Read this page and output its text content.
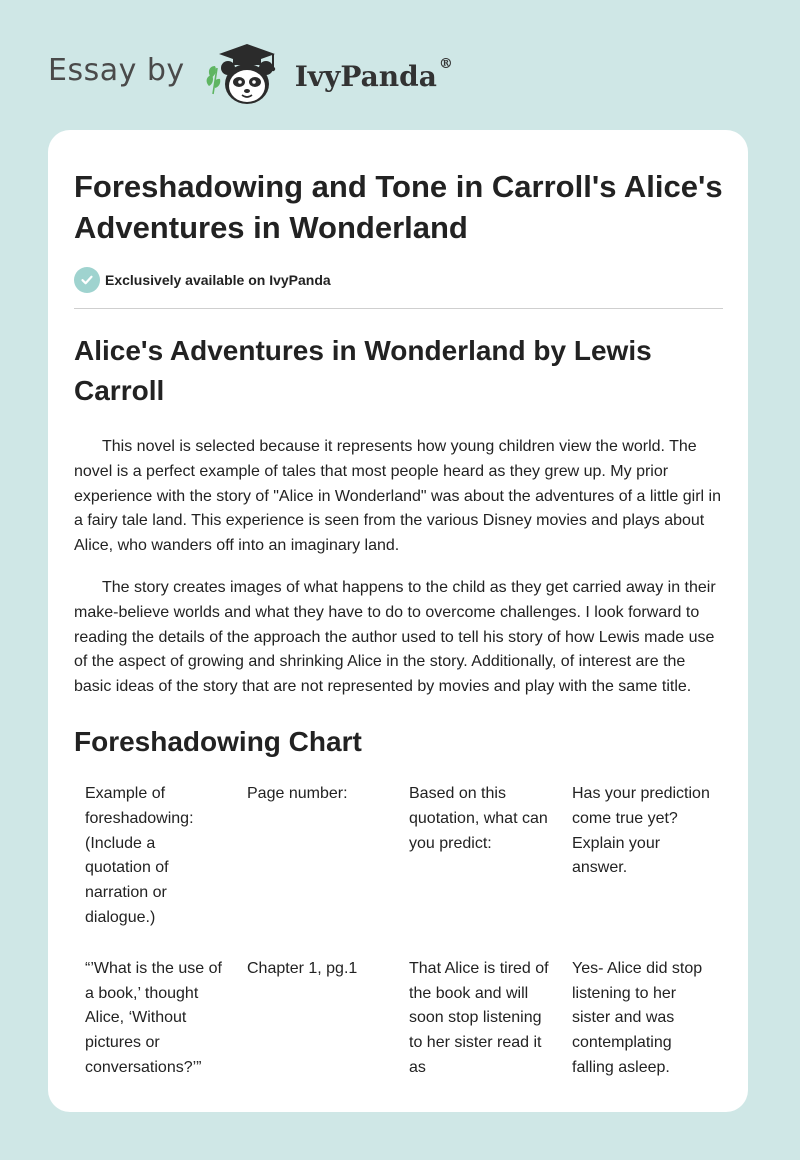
Essay by	IvyPanda ®
Foreshadowing and Tone in Carroll's Alice's Adventures in Wonderland
Exclusively available on IvyPanda
Alice's Adventures in Wonderland by Lewis Carroll

This novel is selected because it represents how young children view the world. The novel is a perfect example of tales that most people heard as they grew up. My prior experience with the story of "Alice in Wonderland" was about the adventures of a little girl in a fairy tale land. This experience is seen from the various Disney movies and plays about Alice, who wanders off into an imaginary land.

The story creates images of what happens to the child as they get carried away in their make-believe worlds and what they have to do to overcome challenges. I look forward to reading the details of the approach the author used to tell his story of how Lewis made use of the aspect of growing and shrinking Alice in the story. Additionally, of interest are the basic ideas of the story that are not represented by movies and play with the same title.

Foreshadowing Chart
Example of foreshadowing: (Include a quotation of narration or dialogue.)	Page number:	Based on this quotation, what can you predict:	Has your prediction come true yet? Explain your answer.
“’What is the use of a book,’ thought Alice, ‘Without pictures or conversations?’”	Chapter 1, pg.1	That Alice is tired of the book and will soon stop listening to her sister read it as	Yes- Alice did stop listening to her sister and was contemplating falling asleep.
